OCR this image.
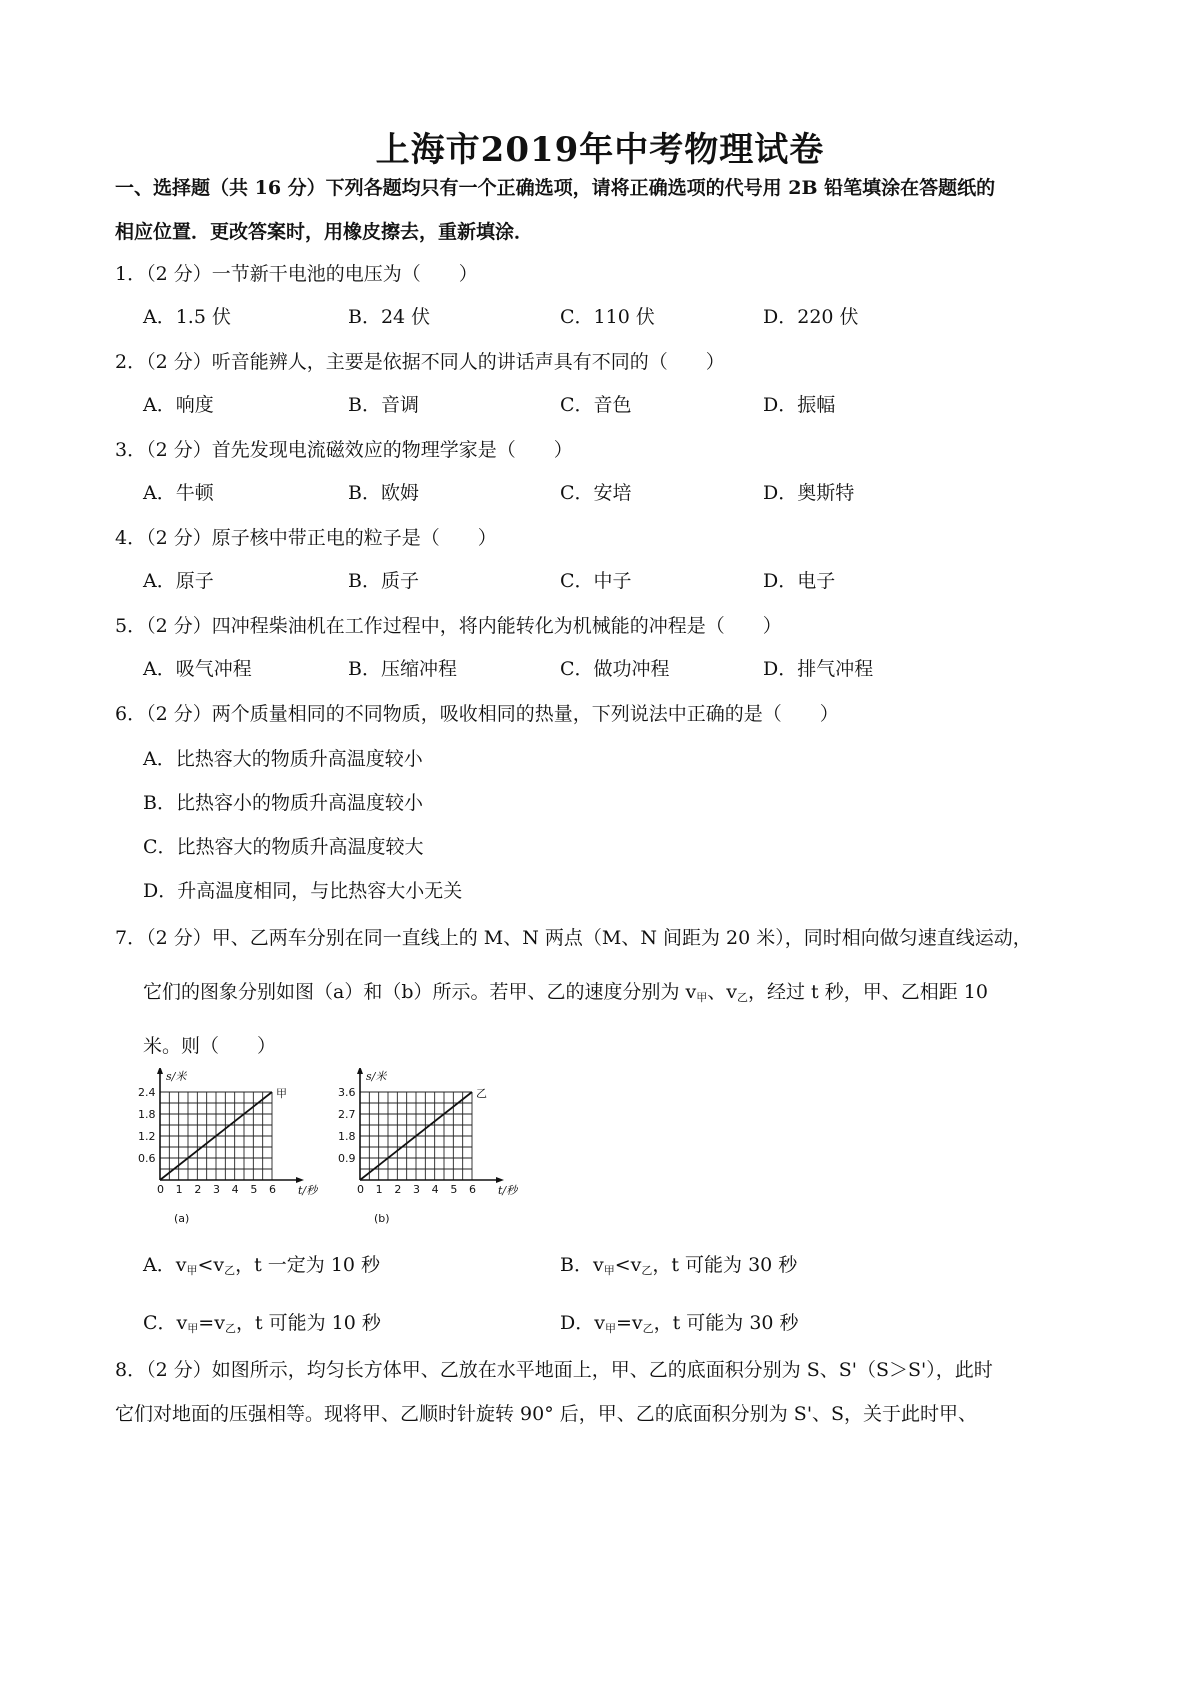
上海市2019年中考物理试卷
一、选择题（共 16 分）下列各题均只有一个正确选项，请将正确选项的代号用 2B 铅笔填涂在答题纸的
相应位置．更改答案时，用橡皮擦去，重新填涂．
1．（2 分）一节新干电池的电压为（　　）
A．1.5 伏	B．24 伏	C．110 伏	D．220 伏
2．（2 分）听音能辨人，主要是依据不同人的讲话声具有不同的（　　）
A．响度	B．音调	C．音色	D．振幅
3．（2 分）首先发现电流磁效应的物理学家是（　　）
A．牛顿	B．欧姆	C．安培	D．奥斯特
4．（2 分）原子核中带正电的粒子是（　　）
A．原子	B．质子	C．中子	D．电子
5．（2 分）四冲程柴油机在工作过程中，将内能转化为机械能的冲程是（　　）
A．吸气冲程	B．压缩冲程	C．做功冲程	D．排气冲程
6．（2 分）两个质量相同的不同物质，吸收相同的热量，下列说法中正确的是（　　）
A．比热容大的物质升高温度较小
B．比热容小的物质升高温度较小
C．比热容大的物质升高温度较大
D．升高温度相同，与比热容大小无关
7．（2 分）甲、乙两车分别在同一直线上的 M、N 两点（M、N 间距为 20 米），同时相向做匀速直线运动，
它们的图象分别如图（a）和（b）所示。若甲、乙的速度分别为 $v_甲$、$v_乙$，经过 t 秒，甲、乙相距 10
米。则（　　）
甲
0 1 2 3 4 5 6
0.6
1.2
1.8
2.4
s/米
t/秒
(a)
乙
0 1 2 3 4 5 6
0.9
1.8
2.7
3.6
s/米
t/秒
(b)
A．$v_甲<v_乙$，t 一定为 10 秒	B．$v_甲<v_乙$，t 可能为 30 秒
C．$v_甲=v_乙$，t 可能为 10 秒	D．$v_甲=v_乙$，t 可能为 30 秒
8．（2 分）如图所示，均匀长方体甲、乙放在水平地面上，甲、乙的底面积分别为 S、S'（S＞S'），此时
它们对地面的压强相等。现将甲、乙顺时针旋转 90° 后，甲、乙的底面积分别为 S'、S，关于此时甲、
